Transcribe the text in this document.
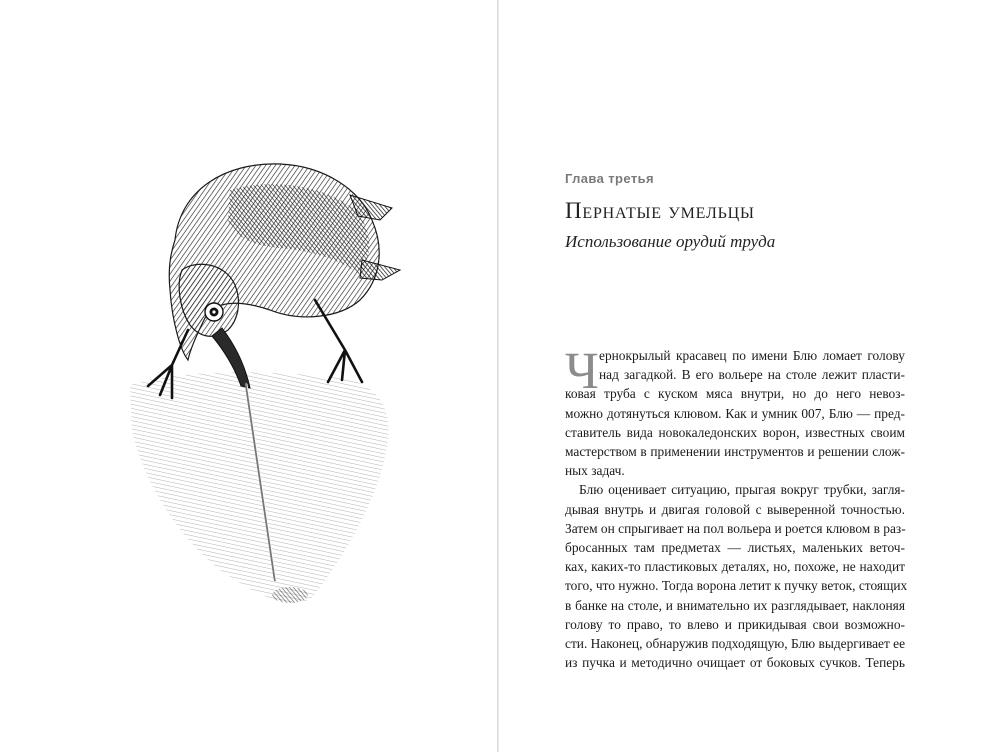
Глава третья
Пернатые умельцы
Использование орудий труда
Ч ернокрылый красавец по имени Блю ломает голову
над загадкой. В его вольере на столе лежит пласти-
ковая труба с куском мяса внутри, но до него невоз-
можно дотянуться клювом. Как и умник 007, Блю — пред-
ставитель вида новокаледонских ворон, известных своим
мастерством в применении инструментов и решении слож-
ных задач.
Блю оценивает ситуацию, прыгая вокруг трубки, загля-
дывая внутрь и двигая головой с выверенной точностью.
Затем он спрыгивает на пол вольера и роется клювом в раз-
бросанных там предметах — листьях, маленьких веточ-
ках, каких-то пластиковых деталях, но, похоже, не находит
того, что нужно. Тогда ворона летит к пучку веток, стоящих
в банке на столе, и внимательно их разглядывает, наклоняя
голову то право, то влево и прикидывая свои возможно-
сти. Наконец, обнаружив подходящую, Блю выдергивает ее
из пучка и методично очищает от боковых сучков. Теперь
